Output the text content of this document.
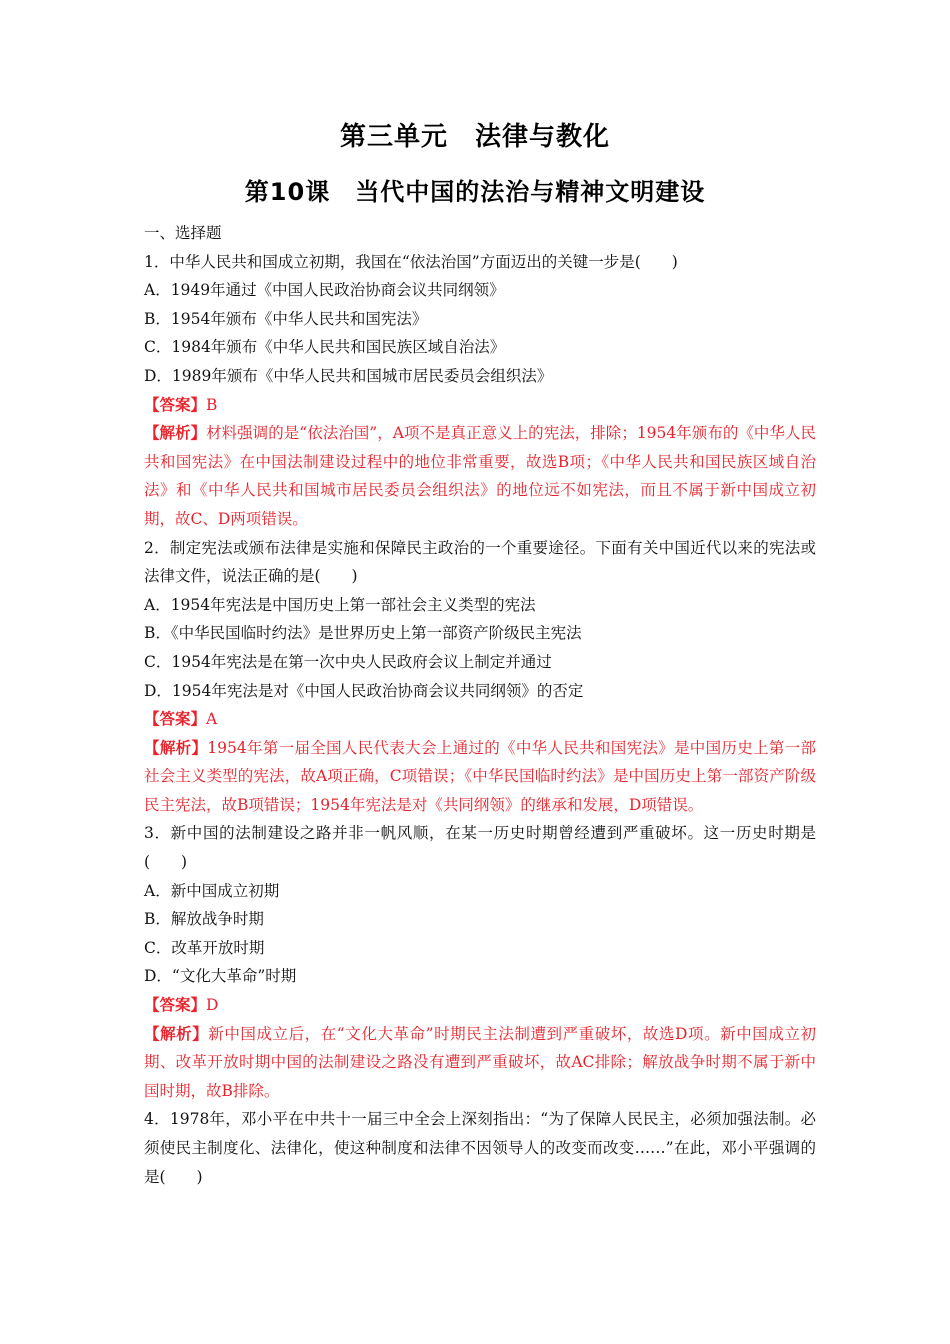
第三单元　法律与教化
第10课　当代中国的法治与精神文明建设
一、选择题
1．中华人民共和国成立初期，我国在“依法治国”方面迈出的关键一步是(　　)
A．1949年通过《中国人民政治协商会议共同纲领》
B．1954年颁布《中华人民共和国宪法》
C．1984年颁布《中华人民共和国民族区域自治法》
D．1989年颁布《中华人民共和国城市居民委员会组织法》
【答案】B
【解析】材料强调的是“依法治国”，A项不是真正意义上的宪法，排除；1954年颁布的《中华人民共和国宪法》在中国法制建设过程中的地位非常重要，故选B项；《中华人民共和国民族区域自治法》和《中华人民共和国城市居民委员会组织法》的地位远不如宪法，而且不属于新中国成立初期，故C、D两项错误。
2．制定宪法或颁布法律是实施和保障民主政治的一个重要途径。下面有关中国近代以来的宪法或法律文件，说法正确的是(　　)
A．1954年宪法是中国历史上第一部社会主义类型的宪法
B．《中华民国临时约法》是世界历史上第一部资产阶级民主宪法
C．1954年宪法是在第一次中央人民政府会议上制定并通过
D．1954年宪法是对《中国人民政治协商会议共同纲领》的否定
【答案】A
【解析】1954年第一届全国人民代表大会上通过的《中华人民共和国宪法》是中国历史上第一部社会主义类型的宪法，故A项正确，C项错误；《中华民国临时约法》是中国历史上第一部资产阶级民主宪法，故B项错误；1954年宪法是对《共同纲领》的继承和发展，D项错误。
3．新中国的法制建设之路并非一帆风顺，在某一历史时期曾经遭到严重破坏。这一历史时期是(　　)
A．新中国成立初期
B．解放战争时期
C．改革开放时期
D．“文化大革命”时期
【答案】D
【解析】新中国成立后，在“文化大革命”时期民主法制遭到严重破坏，故选D项。新中国成立初期、改革开放时期中国的法制建设之路没有遭到严重破坏，故AC排除；解放战争时期不属于新中国时期，故B排除。
4．1978年，邓小平在中共十一届三中全会上深刻指出：“为了保障人民民主，必须加强法制。必须使民主制度化、法律化，使这种制度和法律不因领导人的改变而改变……”在此，邓小平强调的是(　　)
